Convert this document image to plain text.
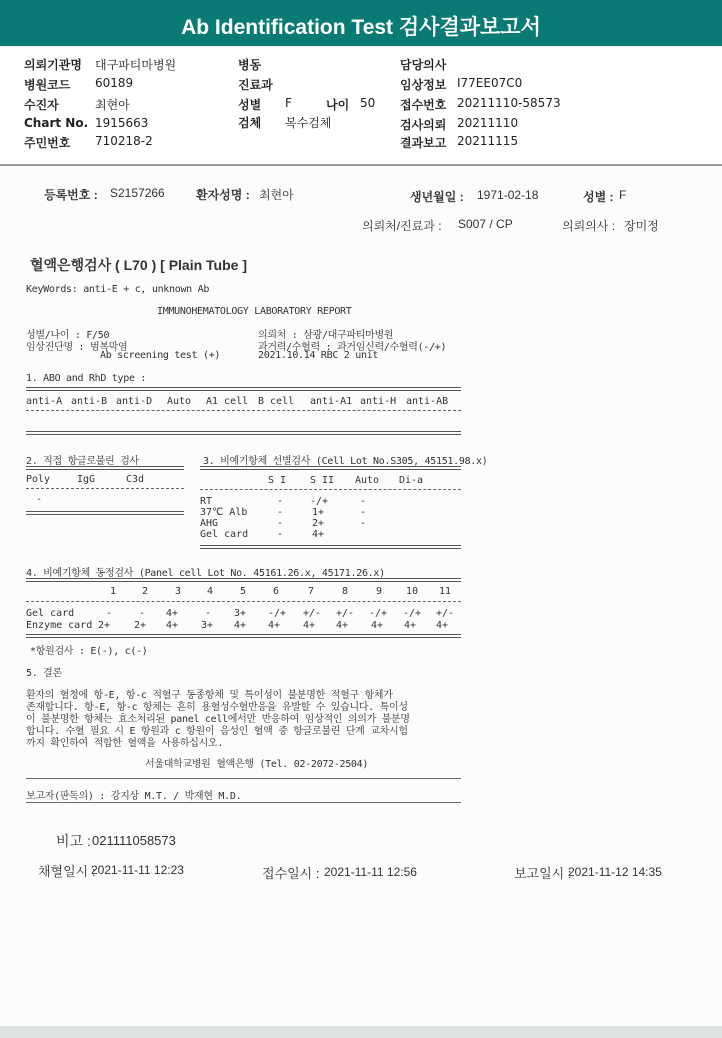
Ab Identification Test 검사결과보고서
의뢰기관명 대구파티마병원
병원코드 60189
수진자	최현아
Chart No. 1915663
주민번호 710218-2
병동
진료과
성별 F	나이 50
검체 복수검체
담당의사
임상정보 I77EE07C0
접수번호 20211110-58573
검사의뢰 20211110
결과보고 20211115
등록번호 : S2157266	환자성명 : 최현아	생년월일 : 1971-02-18	성별 : F
의뢰처/진료과 : S007 / CP	의뢰의사 : 장미정
혈액은행검사 ( L70 ) [ Plain Tube ]
KeyWords: anti-E + c, unknown Ab
IMMUNOHEMATOLOGY LABORATORY REPORT
성별/나이 : F/50
임상진단명 : 범복막염
Ab screening test (+)
의뢰처 : 삼광/대구파티마병원
과거력/수혈력 : 과거임신력/수혈력(-/+)
2021.10.14 RBC 2 unit
1. ABO and RhD type :
anti-A anti-B anti-D Auto A1 cell B cell anti-A1 anti-H anti-AB
2. 직접 항글로불린 검사
Poly	IgG	C3d
-
3. 비예기항체 선별검사 (Cell Lot No.S305, 45151.98.x)
S I S II Auto Di-a
RT	-	-/+	-
37℃ Alb	-	1+	-
AHG	-	2+	-
Gel card	-	4+
4. 비예기항체 동정검사 (Panel cell Lot No. 45161.26.x, 45171.26.x)
1	2	3	4	5	6	7	8	9 10 11
Gel card	-	- 4+	- 3+ -/+ +/- +/- -/+ -/+ +/-
Enzyme card 2+ 2+ 4+ 3+ 4+ 4+ 4+ 4+ 4+ 4+ 4+
*항원검사 : E(-), c(-)
5. 결론
환자의 혈청에 항-E, 항-c 적혈구 동종항체 및 특이성이 불분명한 적혈구 항체가
존재합니다. 항-E, 항-c 항체는 흔히 용혈성수혈반응을 유발할 수 있습니다. 특이성
이 불분명한 항체는 효소처리된 panel cell에서만 반응하여 임상적인 의의가 불분명
합니다. 수혈 필요 시 E 항원과 c 항원이 음성인 혈액 중 항글로불린 단계 교차시험
까지 확인하여 적합한 혈액을 사용하십시오.
서울대학교병원 혈액은행 (Tel. 02-2072-2504)
보고자(판독의) : 강지상 M.T. / 박재현 M.D.
비고 : 021111058573
채혈일시 :
2021-11-11 12:23	접수일시 : 2021-11-11 12:56	보고일시 :
2021-11-12 14:35
